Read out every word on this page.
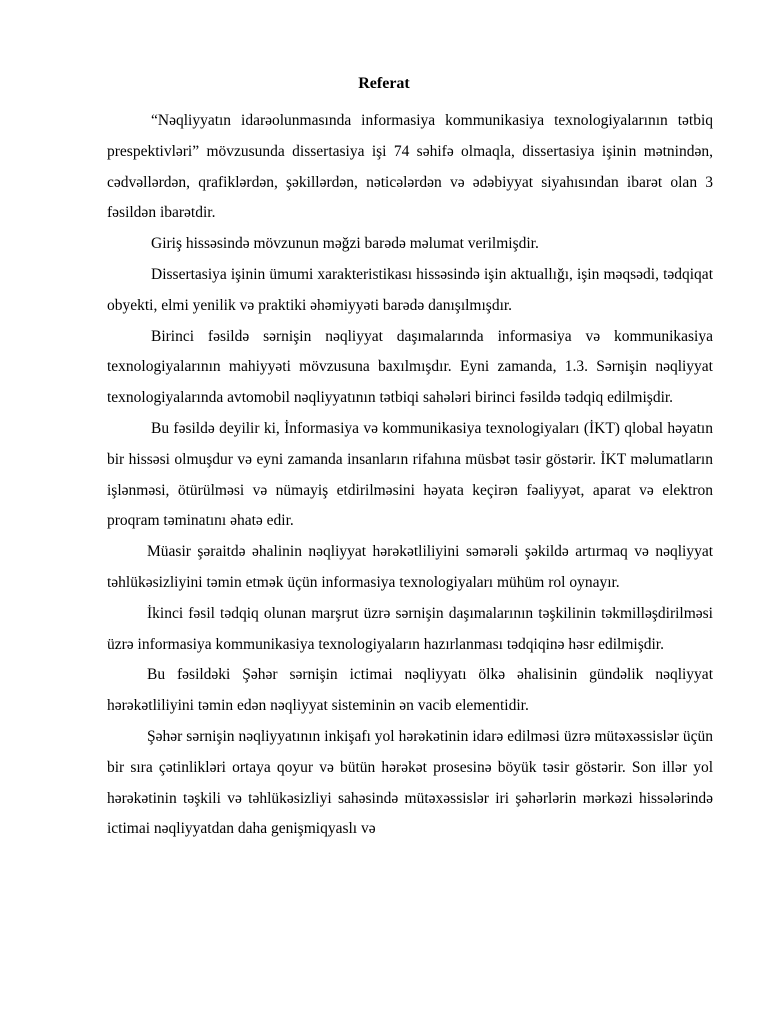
Referat

“Nəqliyyatın idarəolunmasında informasiya kommunikasiya texnologiyalarının tətbiq prespektivləri” mövzusunda dissertasiya işi 74 səhifə olmaqla, dissertasiya işinin mətnindən, cədvəllərdən, qrafiklərdən, şəkillərdən, nəticələrdən və ədəbiyyat siyahısından ibarət olan 3 fəsildən ibarətdir.

Giriş hissəsində mövzunun məğzi barədə məlumat verilmişdir.

Dissertasiya işinin ümumi xarakteristikası hissəsində işin aktuallığı, işin məqsədi, tədqiqat obyekti, elmi yenilik və praktiki əhəmiyyəti barədə danışılmışdır.

Birinci fəsildə sərnişin nəqliyyat daşımalarında informasiya və kommunikasiya texnologiyalarının mahiyyəti mövzusuna baxılmışdır. Eyni zamanda, 1.3. Sərnişin nəqliyyat texnologiyalarında avtomobil nəqliyyatının tətbiqi sahələri birinci fəsildə tədqiq edilmişdir.

Bu fəsildə deyilir ki, İnformasiya və kommunikasiya texnologiyaları (İKT) qlobal həyatın bir hissəsi olmuşdur və eyni zamanda insanların rifahına müsbət təsir göstərir. İKT məlumatların işlənməsi, ötürülməsi və nümayiş etdirilməsini həyata keçirən fəaliyyət, aparat və elektron proqram təminatını əhatə edir.

Müasir şəraitdə əhalinin nəqliyyat hərəkətliliyini səmərəli şəkildə artırmaq və nəqliyyat təhlükəsizliyini təmin etmək üçün informasiya texnologiyaları mühüm rol oynayır.

İkinci fəsil tədqiq olunan marşrut üzrə sərnişin daşımalarının təşkilinin təkmilləşdirilməsi üzrə informasiya kommunikasiya texnologiyaların hazırlanması tədqiqinə həsr edilmişdir.

Bu fəsildəki Şəhər sərnişin ictimai nəqliyyatı ölkə əhalisinin gündəlik nəqliyyat hərəkətliliyini təmin edən nəqliyyat sisteminin ən vacib elementidir.

Şəhər sərnişin nəqliyyatının inkişafı yol hərəkətinin idarə edilməsi üzrə mütəxəssislər üçün bir sıra çətinlikləri ortaya qoyur və bütün hərəkət prosesinə böyük təsir göstərir. Son illər yol hərəkətinin təşkili və təhlükəsizliyi sahəsində mütəxəssislər iri şəhərlərin mərkəzi hissələrində ictimai nəqliyyatdan daha genişmiqyaslı və
